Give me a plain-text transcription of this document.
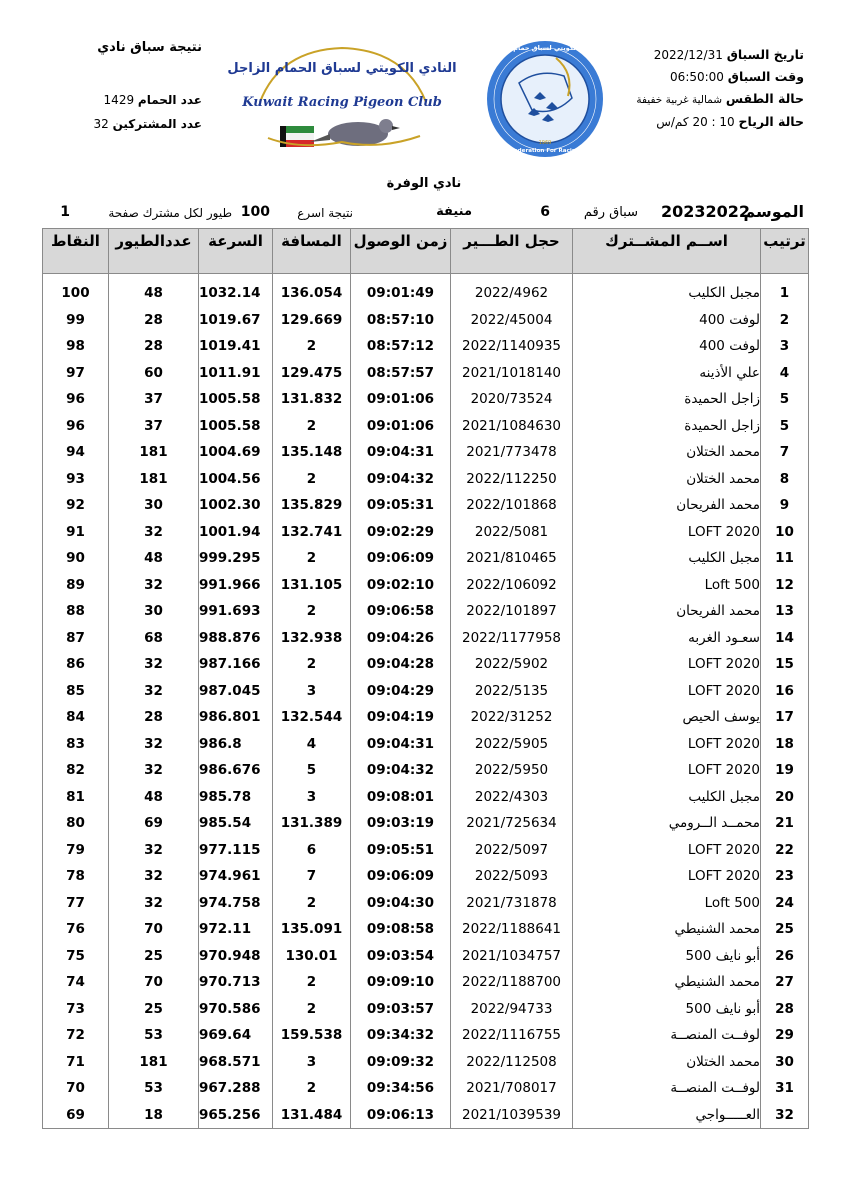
تاريخ السباق 2022/12/31
وقت السباق 06:50:00
حالة الطقس شمالية غربية خفيفة
حالة الرياح 10 : 20 كم/س
نتيجة سباق نادي
عدد الحمام 1429
عدد المشتركين 32
النادي الكويتي لسباق الحمام الزاجل
Kuwait Racing Pigeon Club
الاتحاد الكويتي لسباق حمام الزاجل
Kuwait Federation For Racing Pigeon
1969
نادي الوفرة
الموسم
20232022
سباق رقم
6
منيفة
نتيجة اسرع
100
طيور لكل مشترك صفحة
1
ترتيب	اســم المشــترك	حجل الطـــير	زمن الوصول	المسافة	السرعة	عددالطيور	النقاط

1	مجبل الكليب	2022/4962	09:01:49	136.054	1032.14	48	100
2	لوفت 400	2022/45004	08:57:10	129.669	1019.67	28	99
3	لوفت 400	2022/1140935	08:57:12	2	1019.41	28	98
4	علي الأذينه	2021/1018140	08:57:57	129.475	1011.91	60	97
5	زاجل الحميدة	2020/73524	09:01:06	131.832	1005.58	37	96
5	زاجل الحميدة	2021/1084630	09:01:06	2	1005.58	37	96
7	محمد الختلان	2021/773478	09:04:31	135.148	1004.69	181	94
8	محمد الختلان	2022/112250	09:04:32	2	1004.56	181	93
9	محمد الفريحان	2022/101868	09:05:31	135.829	1002.30	30	92
10	LOFT 2020	2022/5081	09:02:29	132.741	1001.94	32	91
11	مجبل الكليب	2021/810465	09:06:09	2	999.295	48	90
12	Loft 500	2022/106092	09:02:10	131.105	991.966	32	89
13	محمد الفريحان	2022/101897	09:06:58	2	991.693	30	88
14	سعـود الغربه	2022/1177958	09:04:26	132.938	988.876	68	87
15	LOFT 2020	2022/5902	09:04:28	2	987.166	32	86
16	LOFT 2020	2022/5135	09:04:29	3	987.045	32	85
17	يوسف الحيص	2022/31252	09:04:19	132.544	986.801	28	84
18	LOFT 2020	2022/5905	09:04:31	4	986.8	32	83
19	LOFT 2020	2022/5950	09:04:32	5	986.676	32	82
20	مجبل الكليب	2022/4303	09:08:01	3	985.78	48	81
21	محمــد الــرومي	2021/725634	09:03:19	131.389	985.54	69	80
22	LOFT 2020	2022/5097	09:05:51	6	977.115	32	79
23	LOFT 2020	2022/5093	09:06:09	7	974.961	32	78
24	Loft 500	2021/731878	09:04:30	2	974.758	32	77
25	محمد الشنيطي	2022/1188641	09:08:58	135.091	972.11	70	76
26	أبو نايف 500	2021/1034757	09:03:54	130.01	970.948	25	75
27	محمد الشنيطي	2022/1188700	09:09:10	2	970.713	70	74
28	أبو نايف 500	2022/94733	09:03:57	2	970.586	25	73
29	لوفــت المنصــة	2022/1116755	09:34:32	159.538	969.64	53	72
30	محمد الختلان	2022/112508	09:09:32	3	968.571	181	71
31	لوفــت المنصــة	2021/708017	09:34:56	2	967.288	53	70
32	العـــــواجي	2021/1039539	09:06:13	131.484	965.256	18	69
